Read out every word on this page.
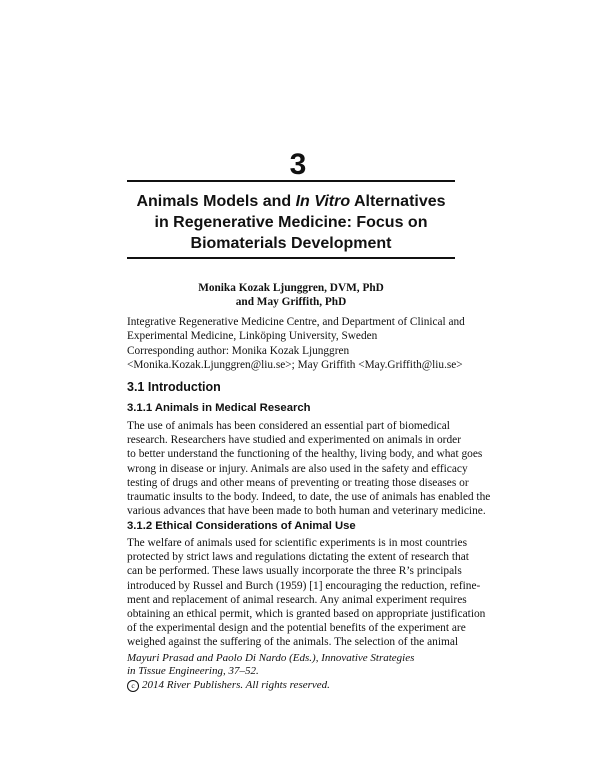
3

Animals Models and In Vitro Alternatives

in Regenerative Medicine: Focus on

Biomaterials Development

Monika Kozak Ljunggren, DVM, PhD

and May Griffith, PhD

Integrative Regenerative Medicine Centre, and Department of Clinical and

Experimental Medicine, Linköping University, Sweden

Corresponding author: Monika Kozak Ljunggren

<Monika.Kozak.Ljunggren@liu.se>; May Griffith <May.Griffith@liu.se>

3.1 Introduction
3.1.1 Animals in Medical Research

The use of animals has been considered an essential part of biomedical

research. Researchers have studied and experimented on animals in order

to better understand the functioning of the healthy, living body, and what goes

wrong in disease or injury. Animals are also used in the safety and efficacy

testing of drugs and other means of preventing or treating those diseases or

traumatic insults to the body. Indeed, to date, the use of animals has enabled the

various advances that have been made to both human and veterinary medicine.

3.1.2 Ethical Considerations of Animal Use

The welfare of animals used for scientific experiments is in most countries

protected by strict laws and regulations dictating the extent of research that

can be performed. These laws usually incorporate the three R’s principals

introduced by Russel and Burch (1959) [1] encouraging the reduction, refine-

ment and replacement of animal research. Any animal experiment requires

obtaining an ethical permit, which is granted based on appropriate justification

of the experimental design and the potential benefits of the experiment are

weighed against the suffering of the animals. The selection of the animal

Mayuri Prasad and Paolo Di Nardo (Eds.), Innovative Strategies

in Tissue Engineering, 37–52.

c 2014 River Publishers. All rights reserved.
